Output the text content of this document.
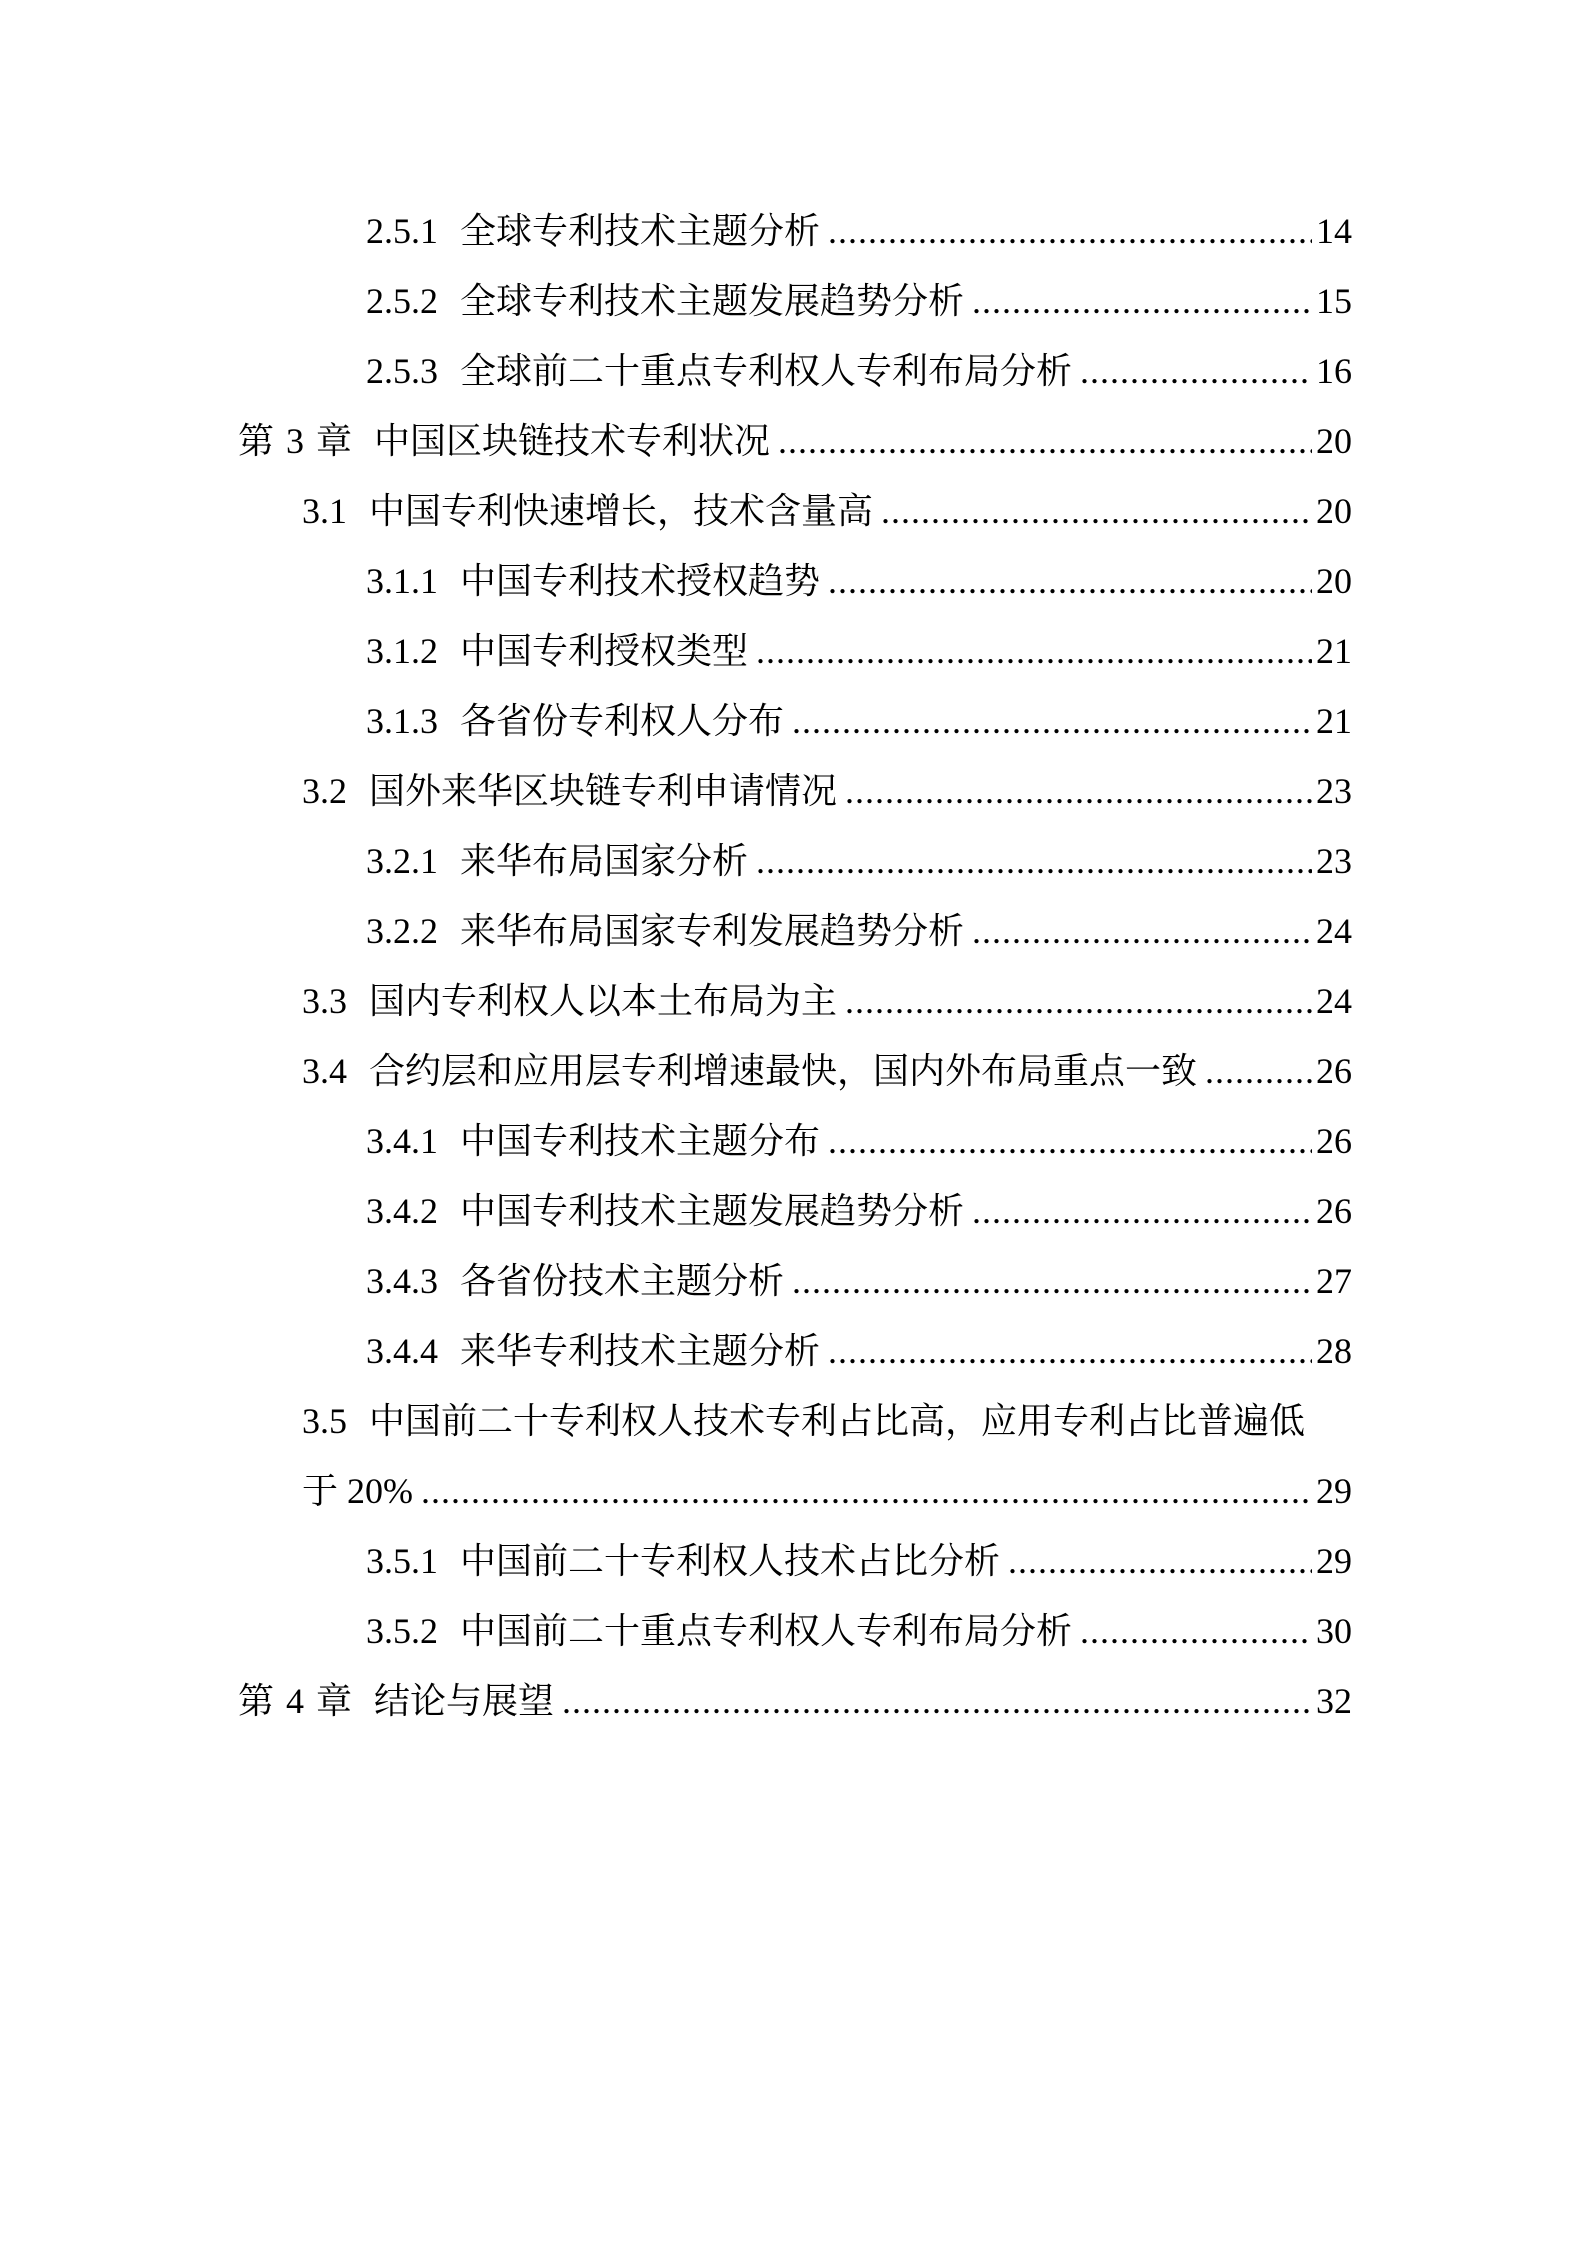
2.5.1 全球专利技术主题分析 .....	14
2.5.2 全球专利技术主题发展趋势分析 .....	15
2.5.3 全球前二十重点专利权人专利布局分析 .....	16
第 3 章 中国区块链技术专利状况 .....	20
3.1 中国专利快速增长，技术含量高 .....	20
3.1.1 中国专利技术授权趋势 .....	20
3.1.2 中国专利授权类型 .....	21
3.1.3 各省份专利权人分布 .....	21
3.2 国外来华区块链专利申请情况 .....	23
3.2.1 来华布局国家分析 .....	23
3.2.2 来华布局国家专利发展趋势分析 .....	24
3.3 国内专利权人以本土布局为主 .....	24
3.4 合约层和应用层专利增速最快，国内外布局重点一致 .....	26
3.4.1 中国专利技术主题分布 .....	26
3.4.2 中国专利技术主题发展趋势分析 .....	26
3.4.3 各省份技术主题分析 .....	27
3.4.4 来华专利技术主题分析 .....	28
3.5 中国前二十专利权人技术专利占比高，应用专利占比普遍低
于 20% .....	29
3.5.1 中国前二十专利权人技术占比分析 .....	29
3.5.2 中国前二十重点专利权人专利布局分析 .....	30
第 4 章 结论与展望 .....	32
